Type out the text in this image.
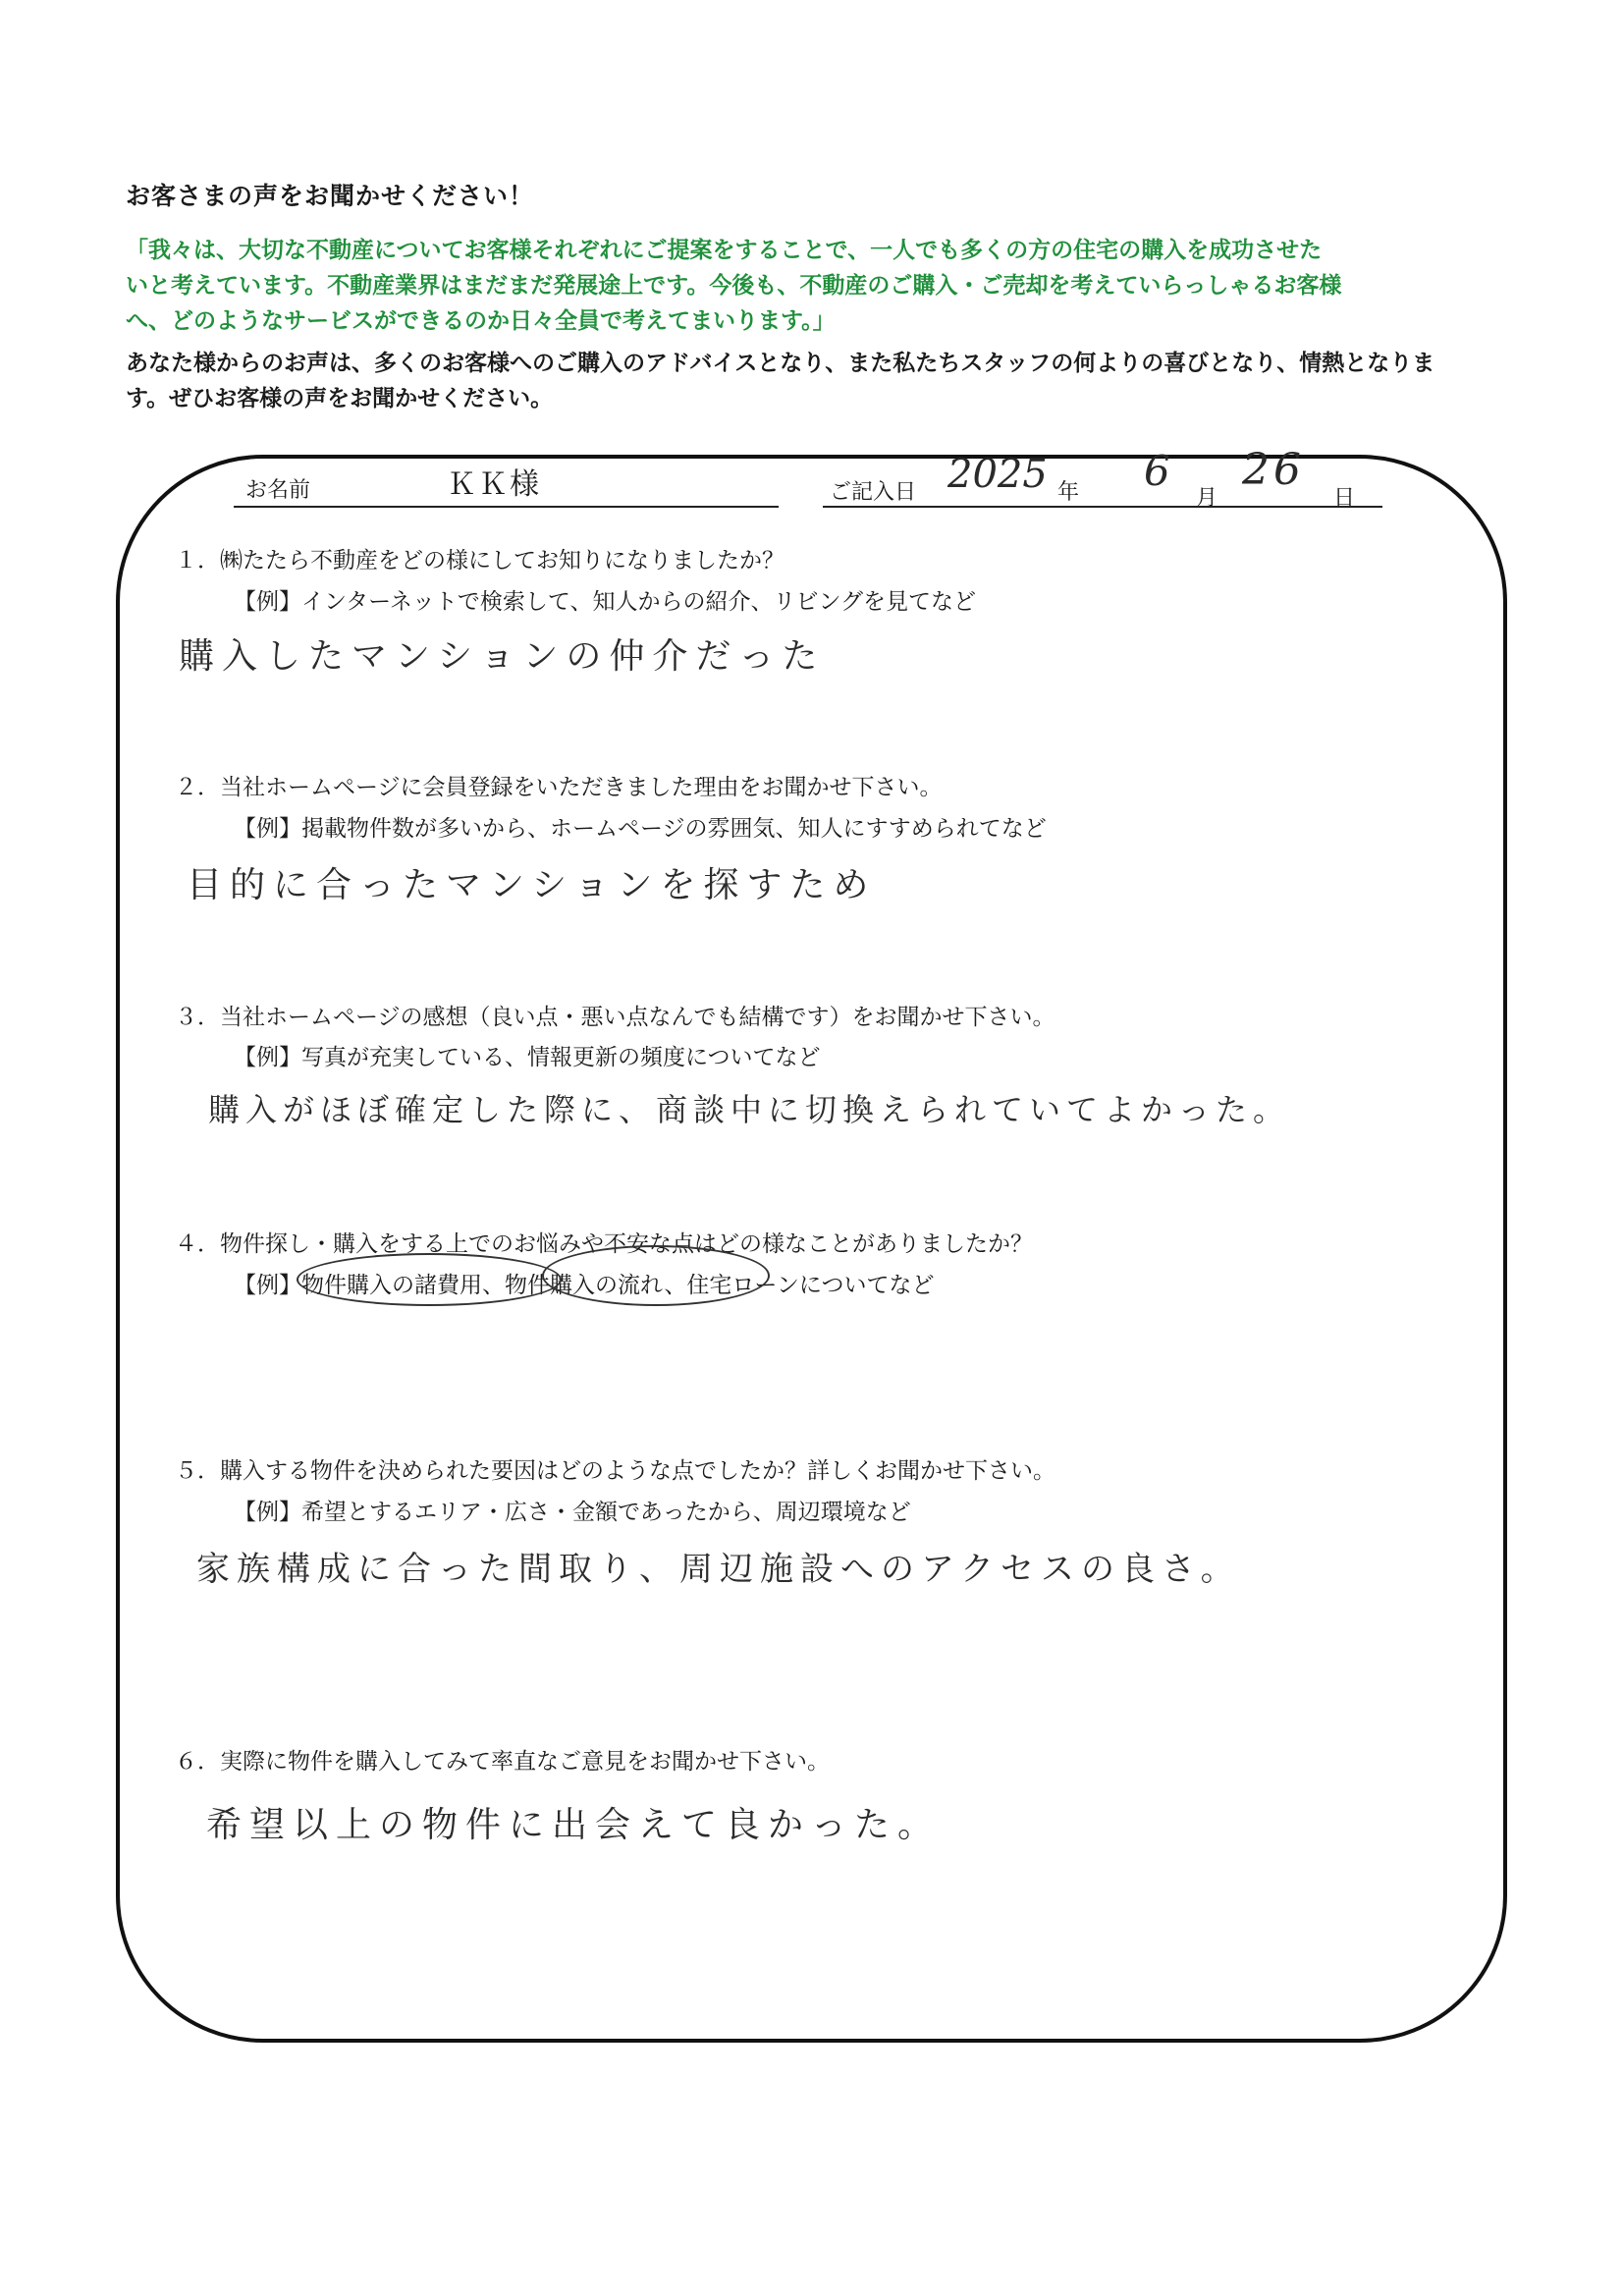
お客さまの声をお聞かせください！
「我々は、大切な不動産についてお客様それぞれにご提案をすることで、一人でも多くの方の住宅の購入を成功させた
いと考えています。不動産業界はまだまだ発展途上です。今後も、不動産のご購入・ご売却を考えていらっしゃるお客様
へ、どのようなサービスができるのか日々全員で考えてまいります。」
あなた様からのお声は、多くのお客様へのご購入のアドバイスとなり、また私たちスタッフの何よりの喜びとなり、情熱となりま
す。ぜひお客様の声をお聞かせください。
お名前	ＫＫ様	ご記入日 2025 年 6
月
26
日
１．㈱たたら不動産をどの様にしてお知りになりましたか？
【例】インターネットで検索して、知人からの紹介、リビングを見てなど
購入したマンションの仲介だった
２．当社ホームページに会員登録をいただきました理由をお聞かせ下さい。
【例】掲載物件数が多いから、ホームページの雰囲気、知人にすすめられてなど
目的に合ったマンションを探すため
３．当社ホームページの感想（良い点・悪い点なんでも結構です）をお聞かせ下さい。
【例】写真が充実している、情報更新の頻度についてなど
購入がほぼ確定した際に、商談中に切換えられていてよかった。
４．物件探し・購入をする上でのお悩みや不安な点はどの様なことがありましたか？
【例】物件購入の諸費用、物件購入の流れ、住宅ローンについてなど
５．購入する物件を決められた要因はどのような点でしたか？詳しくお聞かせ下さい。
【例】希望とするエリア・広さ・金額であったから、周辺環境など
家族構成に合った間取り、周辺施設へのアクセスの良さ。
６．実際に物件を購入してみて率直なご意見をお聞かせ下さい。
希望以上の物件に出会えて良かった。
